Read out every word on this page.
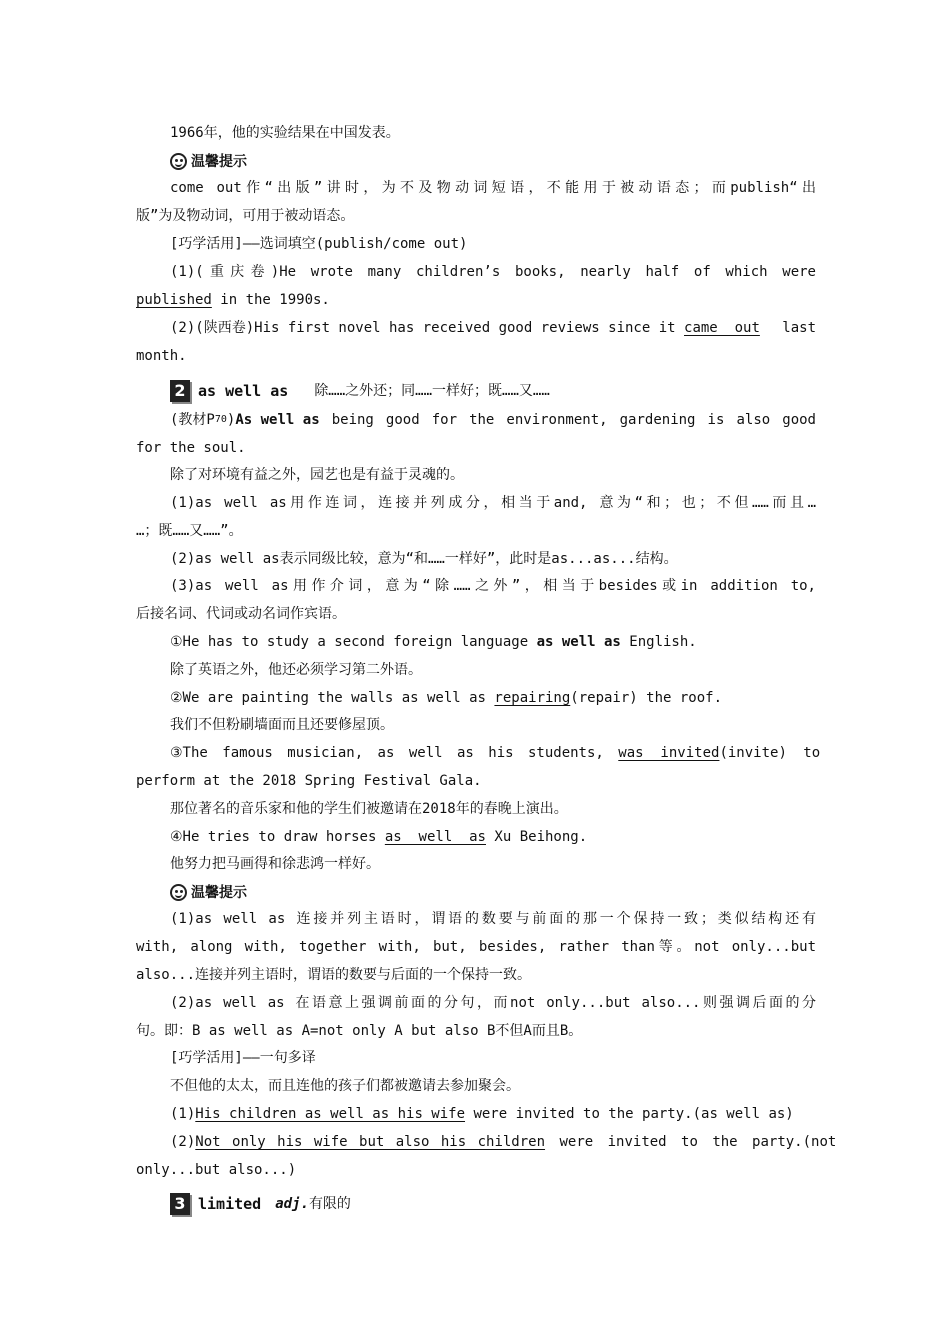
1966年，他的实验结果在中国发表。
温馨提示
come out作“出版”讲时，为不及物动词短语，不能用于被动语态；而publish“出
版”为及物动词，可用于被动语态。
[巧学活用]——选词填空(publish/come out)
(1)(重庆卷)He wrote many children’s books, nearly half of which were
published in the 1990s.
(2)(陕西卷)His first novel has received good reviews since it came  out last
month.
2 as well as 除……之外还；同……一样好；既……又……
(教材P 70 ) As well as being good for the environment, gardening is also good
for the soul.
除了对环境有益之外，园艺也是有益于灵魂的。
(1)as well as用作连词，连接并列成分，相当于and, 意为“和；也；不但……而且…
…；既……又……”。
(2)as well as表示同级比较，意为“和……一样好”，此时是as...as...结构。
(3)as well as用作介词，意为“除……之外”，相当于besides或in addition to,
后接名词、代词或动名词作宾语。
①He has to study a second foreign language as well as English.
除了英语之外，他还必须学习第二外语。
②We are painting the walls as well as repairing(repair) the roof.
我们不但粉刷墙面而且还要修屋顶。
③The famous musician, as well as his students, was  invited (invite) to
perform at the 2018 Spring Festival Gala.
那位著名的音乐家和他的学生们被邀请在2018年的春晚上演出。
④He tries to draw horses as  well  as Xu Beihong.
他努力把马画得和徐悲鸿一样好。
温馨提示
(1)as well as 连接并列主语时，谓语的数要与前面的那一个保持一致；类似结构还有
with, along with, together with, but, besides, rather than等。not only...but
also...连接并列主语时，谓语的数要与后面的一个保持一致。
(2)as well as 在语意上强调前面的分句，而not only...but also...则强调后面的分
句。即：B as well as A=not only A but also B不但A而且B。
[巧学活用]——一句多译
不但他的太太，而且连他的孩子们都被邀请去参加聚会。
(1)His children as well as his wife were invited to the party.(as well as)
(2)Not only his wife but also his children were invited to the party.(not
only...but also...)
3 limited adj. 有限的
